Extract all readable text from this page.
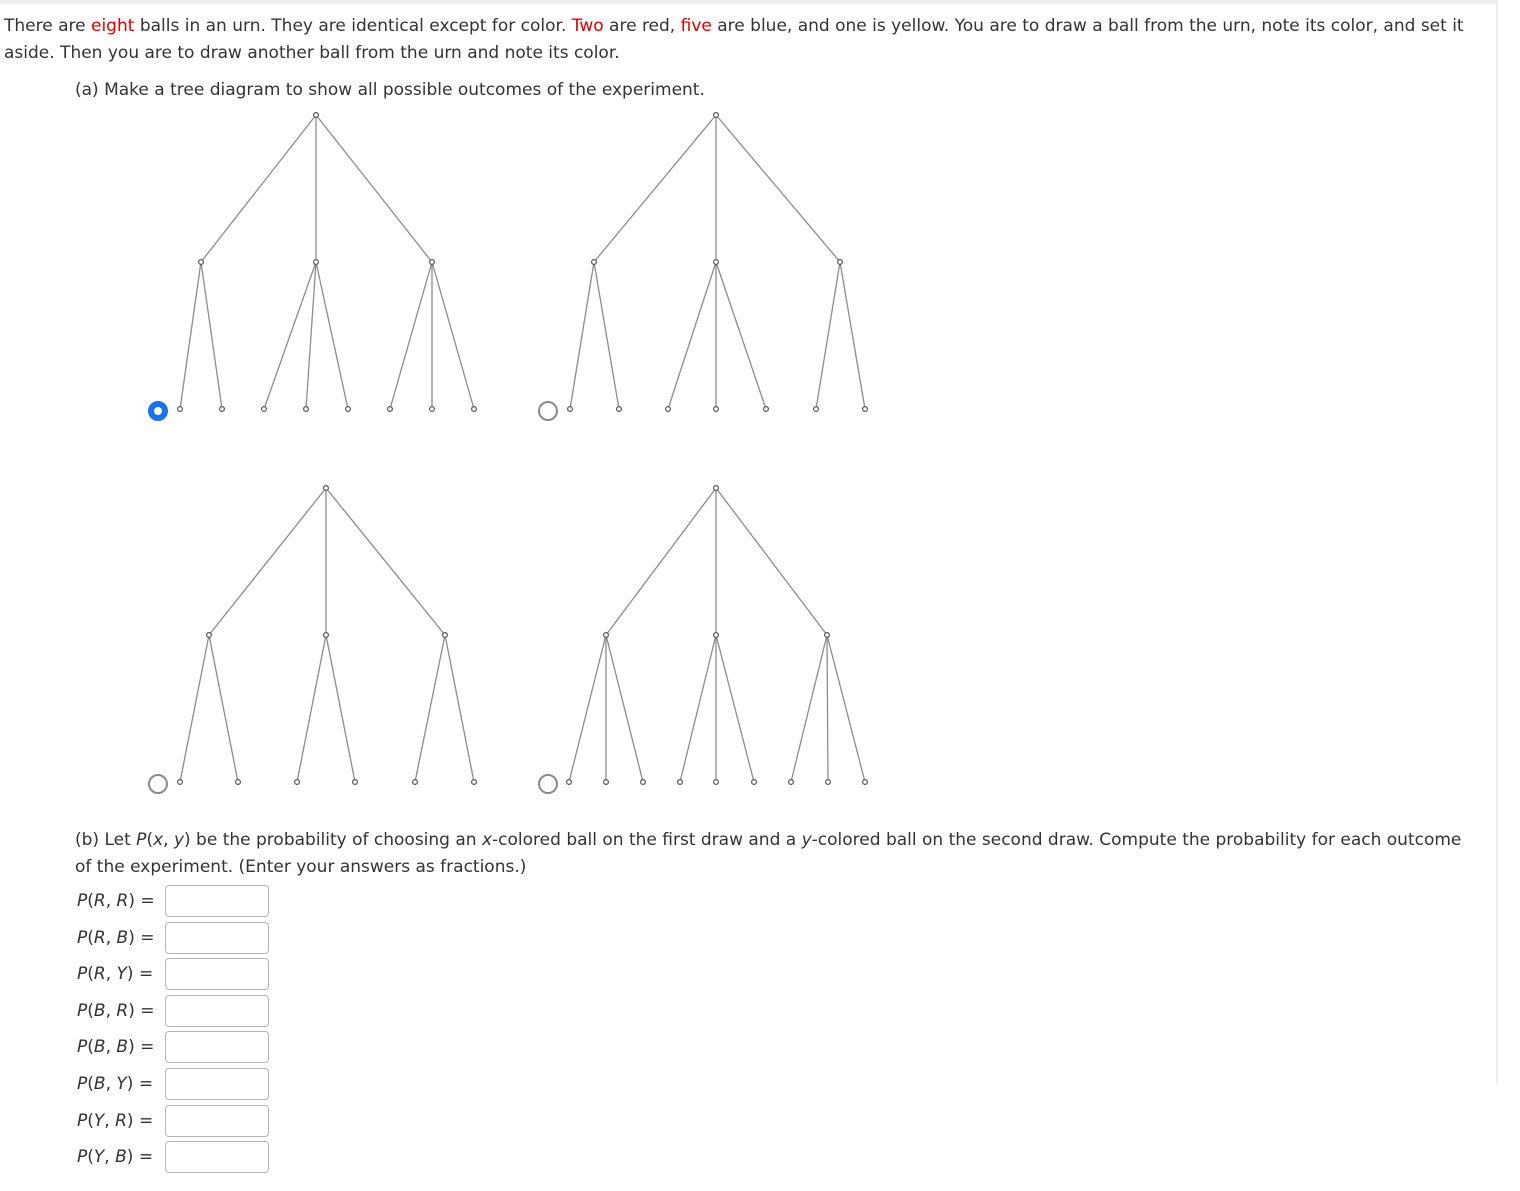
There are eight balls in an urn. They are identical except for color. Two are red, five are blue, and one is yellow. You are to draw a ball from the urn, note its color, and set it aside. Then you are to draw another ball from the urn and note its color.

(a) Make a tree diagram to show all possible outcomes of the experiment.

(b) Let P(x, y) be the probability of choosing an x-colored ball on the first draw and a y-colored ball on the second draw. Compute the probability for each outcome of the experiment. (Enter your answers as fractions.)

P(R, R) =
P(R, B) =
P(R, Y) =
P(B, R) =
P(B, B) =
P(B, Y) =
P(Y, R) =
P(Y, B) =
